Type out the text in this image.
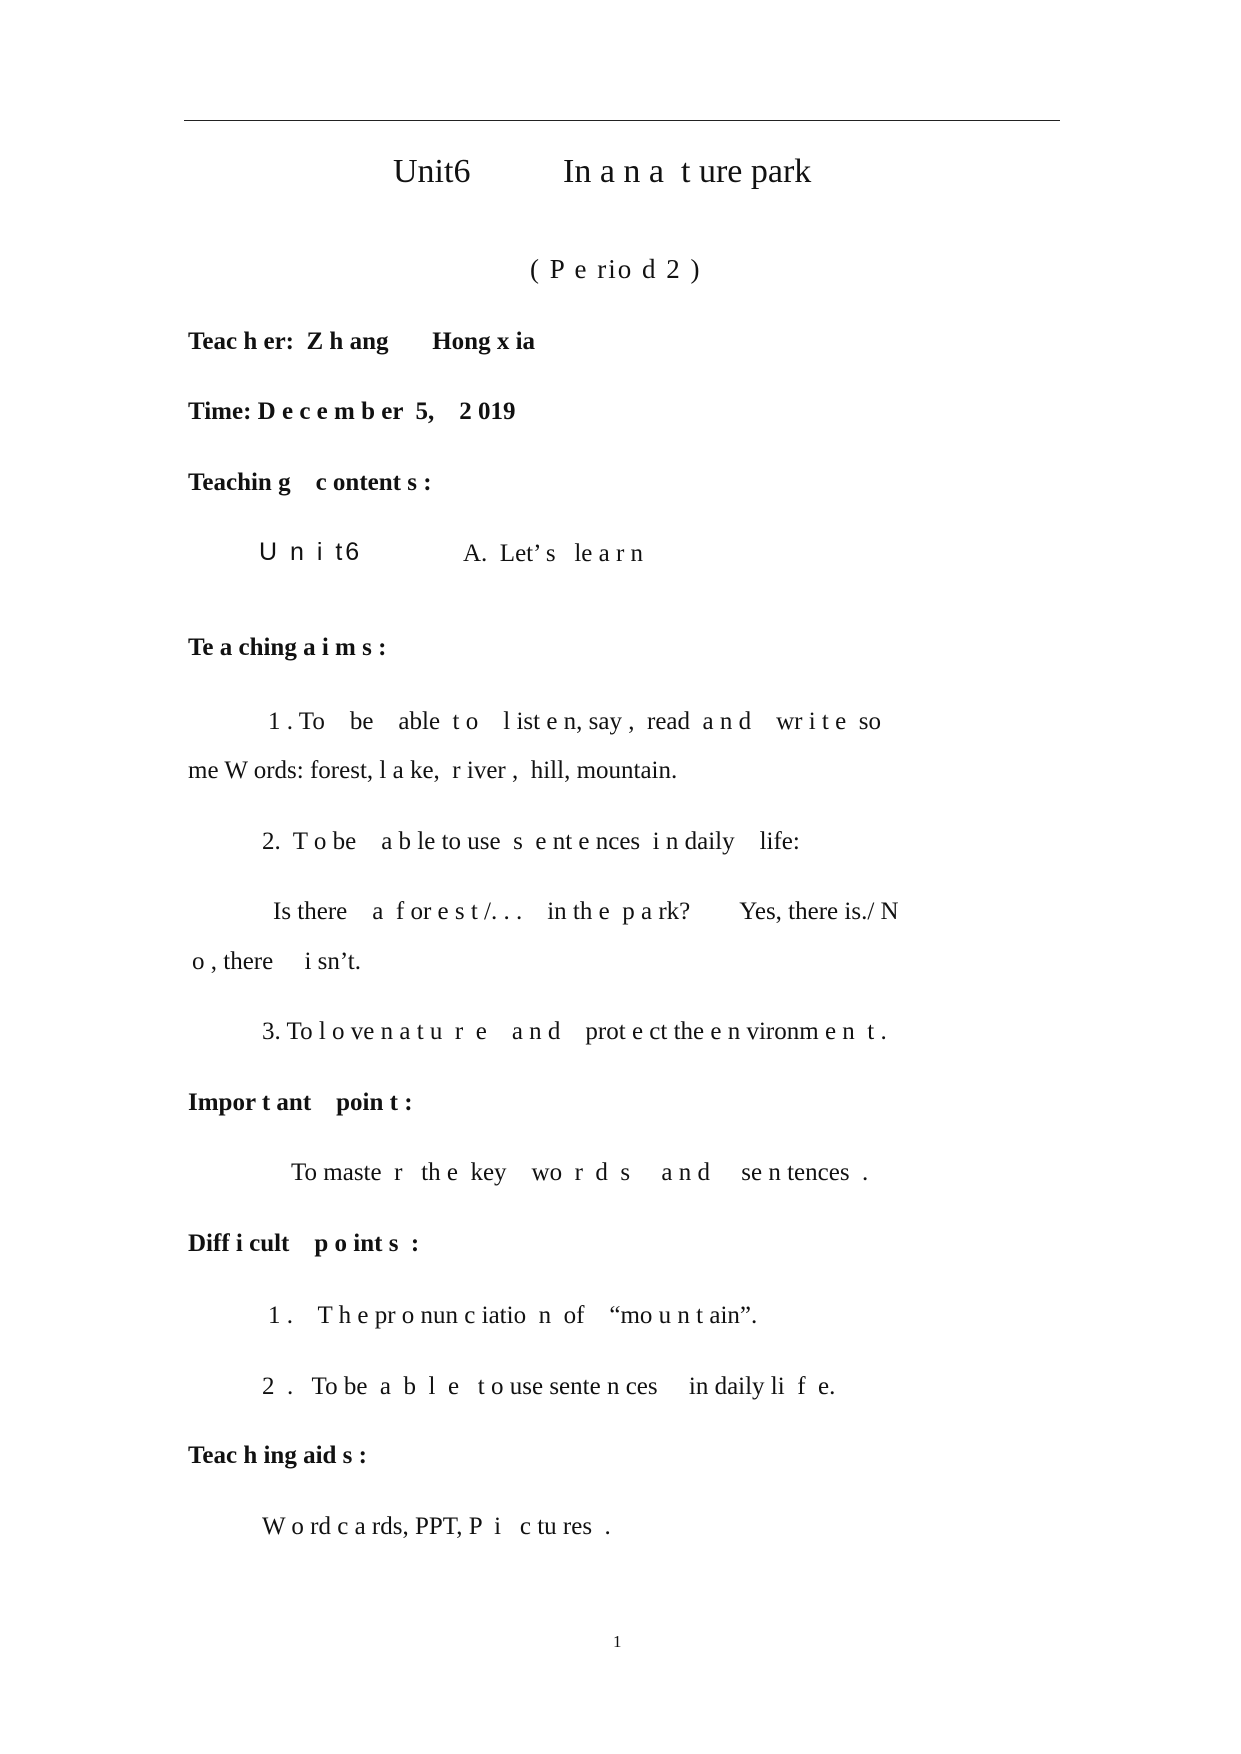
Unit6	In a n a  t ure park
( P e rio d 2 )
Teac h er:  Z h ang       Hong x ia
Time: D e c e m b er  5,    2 019
Teachin g    c ontent s :
U n i t6	A.  Let’ s   le a r n
Te a ching a i m s :
1 . To    be    able  t o    l ist e n, say ,  read  a n d    wr i t e  so
me W ords: forest, l a ke,  r iver ,  hill, mountain.
2.  T o be    a b le to use  s  e nt e nces  i n daily    life:
Is there    a  f or e s t /. . .    in th e  p a rk?        Yes, there is./ N
o , there     i sn’t.
3. To l o ve n a t u  r  e    a n d    prot e ct the e n vironm e n  t .
Impor t ant    poin t :
To maste  r   th e  key    wo  r  d  s     a n d     se n tences  .
Diff i cult    p o int s  :
1 .    T h e pr o nun c iatio  n  of    “mo u n t ain”.
2  .   To be  a  b  l  e   t o use sente n ces     in daily li  f  e.
Teac h ing aid s :
W o rd c a rds, PPT, P  i   c tu res  .
1
